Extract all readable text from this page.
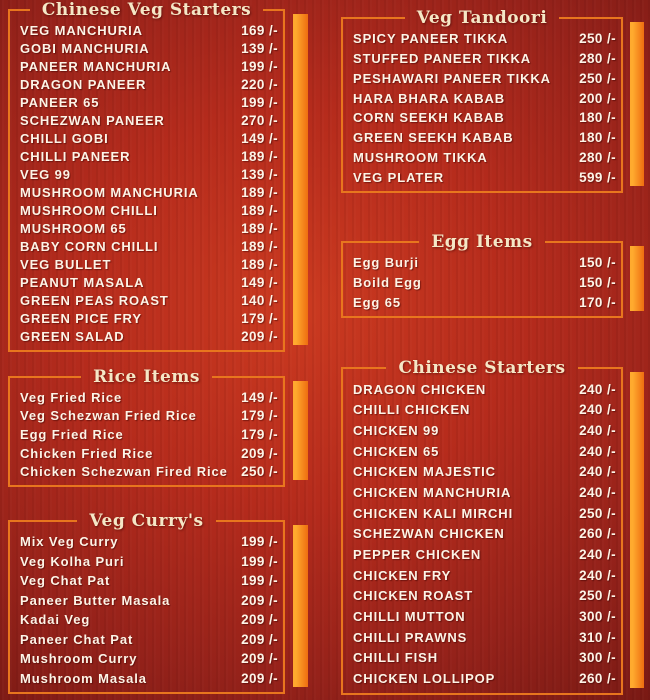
Chinese Veg Starters
VEG MANCHURIA	169 /-
GOBI MANCHURIA	139 /-
PANEER MANCHURIA	199 /-
DRAGON PANEER	220 /-
PANEER 65	199 /-
SCHEZWAN PANEER	270 /-
CHILLI GOBI	149 /-
CHILLI PANEER	189 /-
VEG 99	139 /-
MUSHROOM MANCHURIA	189 /-
MUSHROOM CHILLI	189 /-
MUSHROOM 65	189 /-
BABY CORN CHILLI	189 /-
VEG BULLET	189 /-
PEANUT MASALA	149 /-
GREEN PEAS ROAST	140 /-
GREEN PICE FRY	179 /-
GREEN SALAD	209 /-
Rice Items
Veg Fried Rice	149 /-
Veg Schezwan Fried Rice	179 /-
Egg Fried Rice	179 /-
Chicken Fried Rice	209 /-
Chicken Schezwan Fired Rice 250 /-
Veg Curry's
Mix Veg Curry	199 /-
Veg Kolha Puri	199 /-
Veg Chat Pat	199 /-
Paneer Butter Masala	209 /-
Kadai Veg	209 /-
Paneer Chat Pat	209 /-
Mushroom Curry	209 /-
Mushroom Masala	209 /-
Veg Tandoori
SPICY PANEER TIKKA	250 /-
STUFFED PANEER TIKKA	280 /-
PESHAWARI PANEER TIKKA 250 /-
HARA BHARA KABAB	200 /-
CORN SEEKH KABAB	180 /-
GREEN SEEKH KABAB	180 /-
MUSHROOM TIKKA	280 /-
VEG PLATER	599 /-
Egg Items
Egg Burji	150 /-
Boild Egg	150 /-
Egg 65	170 /-
Chinese Starters
DRAGON CHICKEN	240 /-
CHILLI CHICKEN	240 /-
CHICKEN 99	240 /-
CHICKEN 65	240 /-
CHICKEN MAJESTIC	240 /-
CHICKEN MANCHURIA	240 /-
CHICKEN KALI MIRCHI	250 /-
SCHEZWAN CHICKEN	260 /-
PEPPER CHICKEN	240 /-
CHICKEN FRY	240 /-
CHICKEN ROAST	250 /-
CHILLI MUTTON	300 /-
CHILLI PRAWNS	310 /-
CHILLI FISH	300 /-
CHICKEN LOLLIPOP	260 /-
